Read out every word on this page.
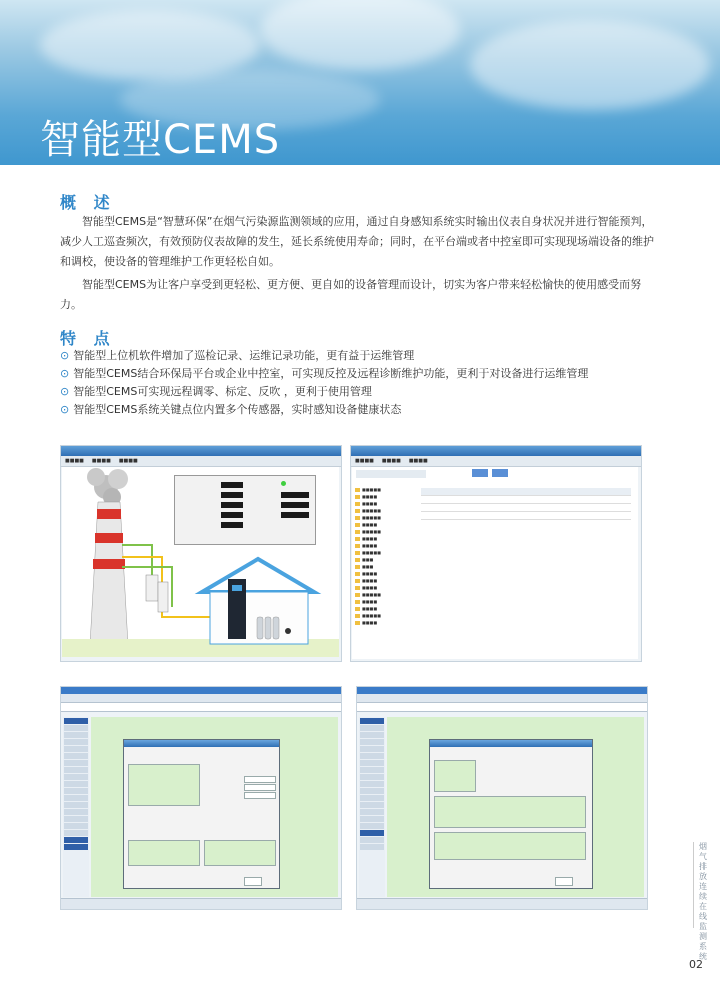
智能型CEMS
概 述

智能型CEMS是“智慧环保”在烟气污染源监测领域的应用，通过自身感知系统实时输出仪表自身状况并进行智能预判，减少人工巡查频次，有效预防仪表故障的发生，延长系统使用寿命；同时，在平台端或者中控室即可实现现场端设备的维护和调校，使设备的管理维护工作更轻松自如。

智能型CEMS为让客户享受到更轻松、更方便、更自如的设备管理而设计，切实为客户带来轻松愉快的使用感受而努力。

特 点
⊙ 智能型上位机软件增加了巡检记录、运维记录功能，更有益于运维管理
⊙ 智能型CEMS结合环保局平台或企业中控室，可实现反控及远程诊断维护功能，更利于对设备进行运维管理
⊙ 智能型CEMS可实现远程调零、标定、反吹 ，更利于使用管理
⊙ 智能型CEMS系统关键点位内置多个传感器，实时感知设备健康状态
■■■■ ■■■■ ■■■■	■■■■ ■■■■ ■■■■
■■■■■
■■■■
■■■■
■■■■■
■■■■■
■■■■
■■■■■
■■■■
■■■■
■■■■■
■■■
■■■
■■■■
■■■■
■■■■
■■■■■
■■■■
■■■■
■■■■■
■■■■
烟气排放连续在线监测系统
02
